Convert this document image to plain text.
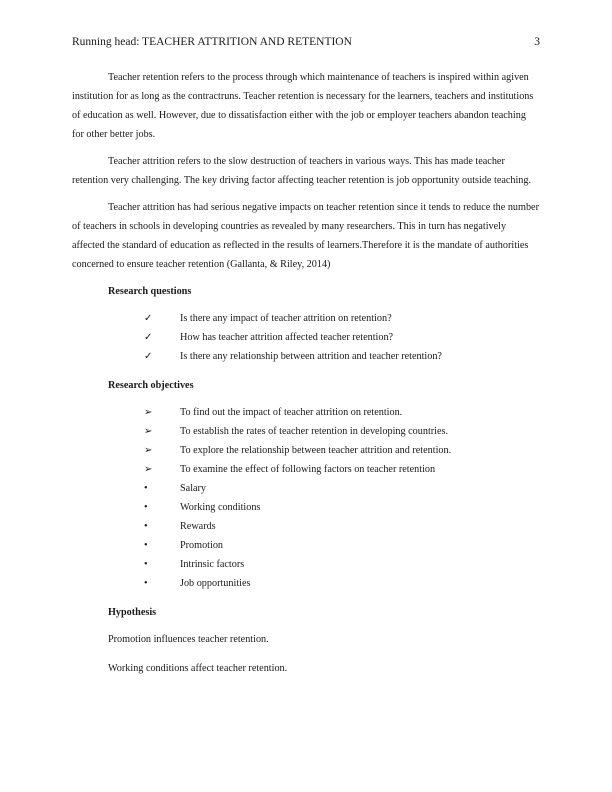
Running head: TEACHER ATTRITION AND RETENTION	3

Teacher retention refers to the process through which maintenance of teachers is inspired within agiven institution for as long as the contractruns. Teacher retention is necessary for the learners, teachers and institutions of education as well. However, due to dissatisfaction either with the job or employer teachers abandon teaching for other better jobs.

Teacher attrition refers to the slow destruction of teachers in various ways. This has made teacher retention very challenging. The key driving factor affecting teacher retention is job opportunity outside teaching.

Teacher attrition has had serious negative impacts on teacher retention since it tends to reduce the number of teachers in schools in developing countries as revealed by many researchers. This in turn has negatively affected the standard of education as reflected in the results of learners.Therefore it is the mandate of authorities concerned to ensure teacher retention (Gallanta, & Riley, 2014)

Research questions
✓	Is there any impact of teacher attrition on retention?
✓	How has teacher attrition affected teacher retention?
✓	Is there any relationship between attrition and teacher retention?
Research objectives
➢	To find out the impact of teacher attrition on retention.
➢	To establish the rates of teacher retention in developing countries.
➢	To explore the relationship between teacher attrition and retention.
➢	To examine the effect of following factors on teacher retention
•	Salary
•	Working conditions
•	Rewards
•	Promotion
•	Intrinsic factors
•	Job opportunities
Hypothesis

Promotion influences teacher retention.

Working conditions affect teacher retention.
